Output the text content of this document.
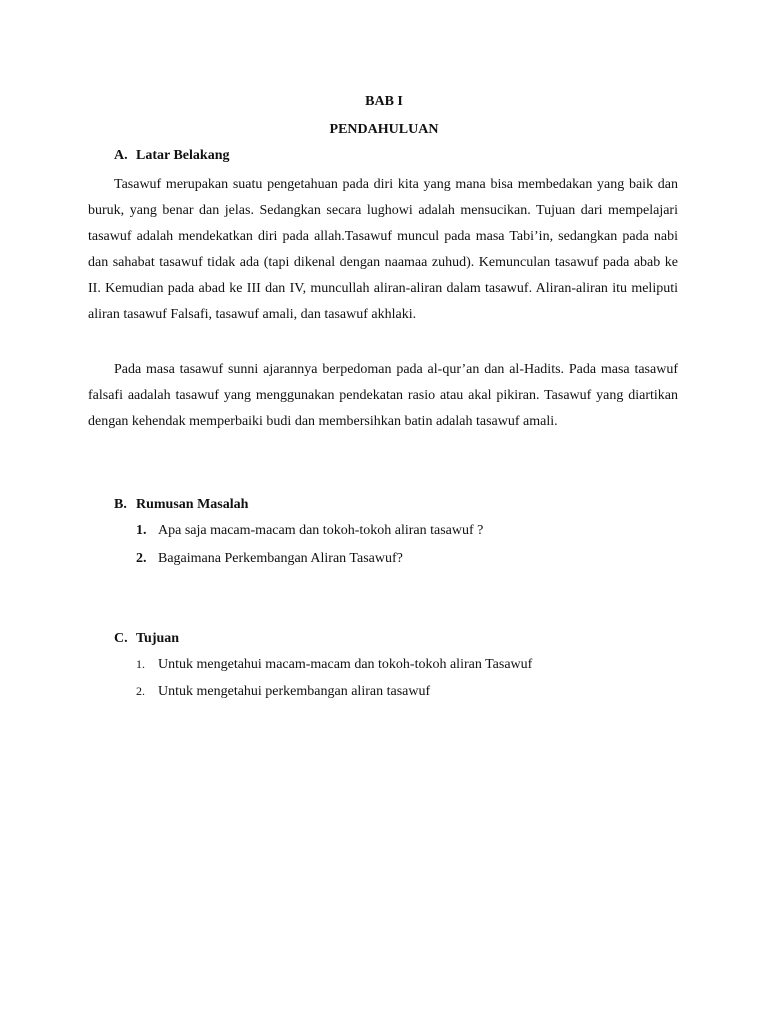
BAB I

PENDAHULUAN

A. Latar Belakang

Tasawuf merupakan suatu pengetahuan pada diri kita yang mana bisa membedakan yang baik dan buruk, yang benar dan jelas. Sedangkan secara lughowi adalah mensucikan. Tujuan dari mempelajari tasawuf adalah mendekatkan diri pada allah.Tasawuf muncul pada masa Tabi’in, sedangkan pada nabi dan sahabat tasawuf tidak ada (tapi dikenal dengan naamaa zuhud). Kemunculan tasawuf pada abab ke II. Kemudian pada abad ke III dan IV, muncullah aliran-aliran dalam tasawuf. Aliran-aliran itu meliputi aliran tasawuf Falsafi, tasawuf amali, dan tasawuf akhlaki.

Pada masa tasawuf sunni ajarannya berpedoman pada al-qur’an dan al-Hadits. Pada masa tasawuf falsafi aadalah tasawuf yang menggunakan pendekatan rasio atau akal pikiran. Tasawuf yang diartikan dengan kehendak memperbaiki budi dan membersihkan batin adalah tasawuf amali.

B. Rumusan Masalah

1. Apa saja macam-macam dan tokoh-tokoh aliran tasawuf ?

2. Bagaimana Perkembangan Aliran Tasawuf?

C. Tujuan

1. Untuk mengetahui macam-macam dan tokoh-tokoh aliran Tasawuf

2. Untuk mengetahui perkembangan aliran tasawuf
